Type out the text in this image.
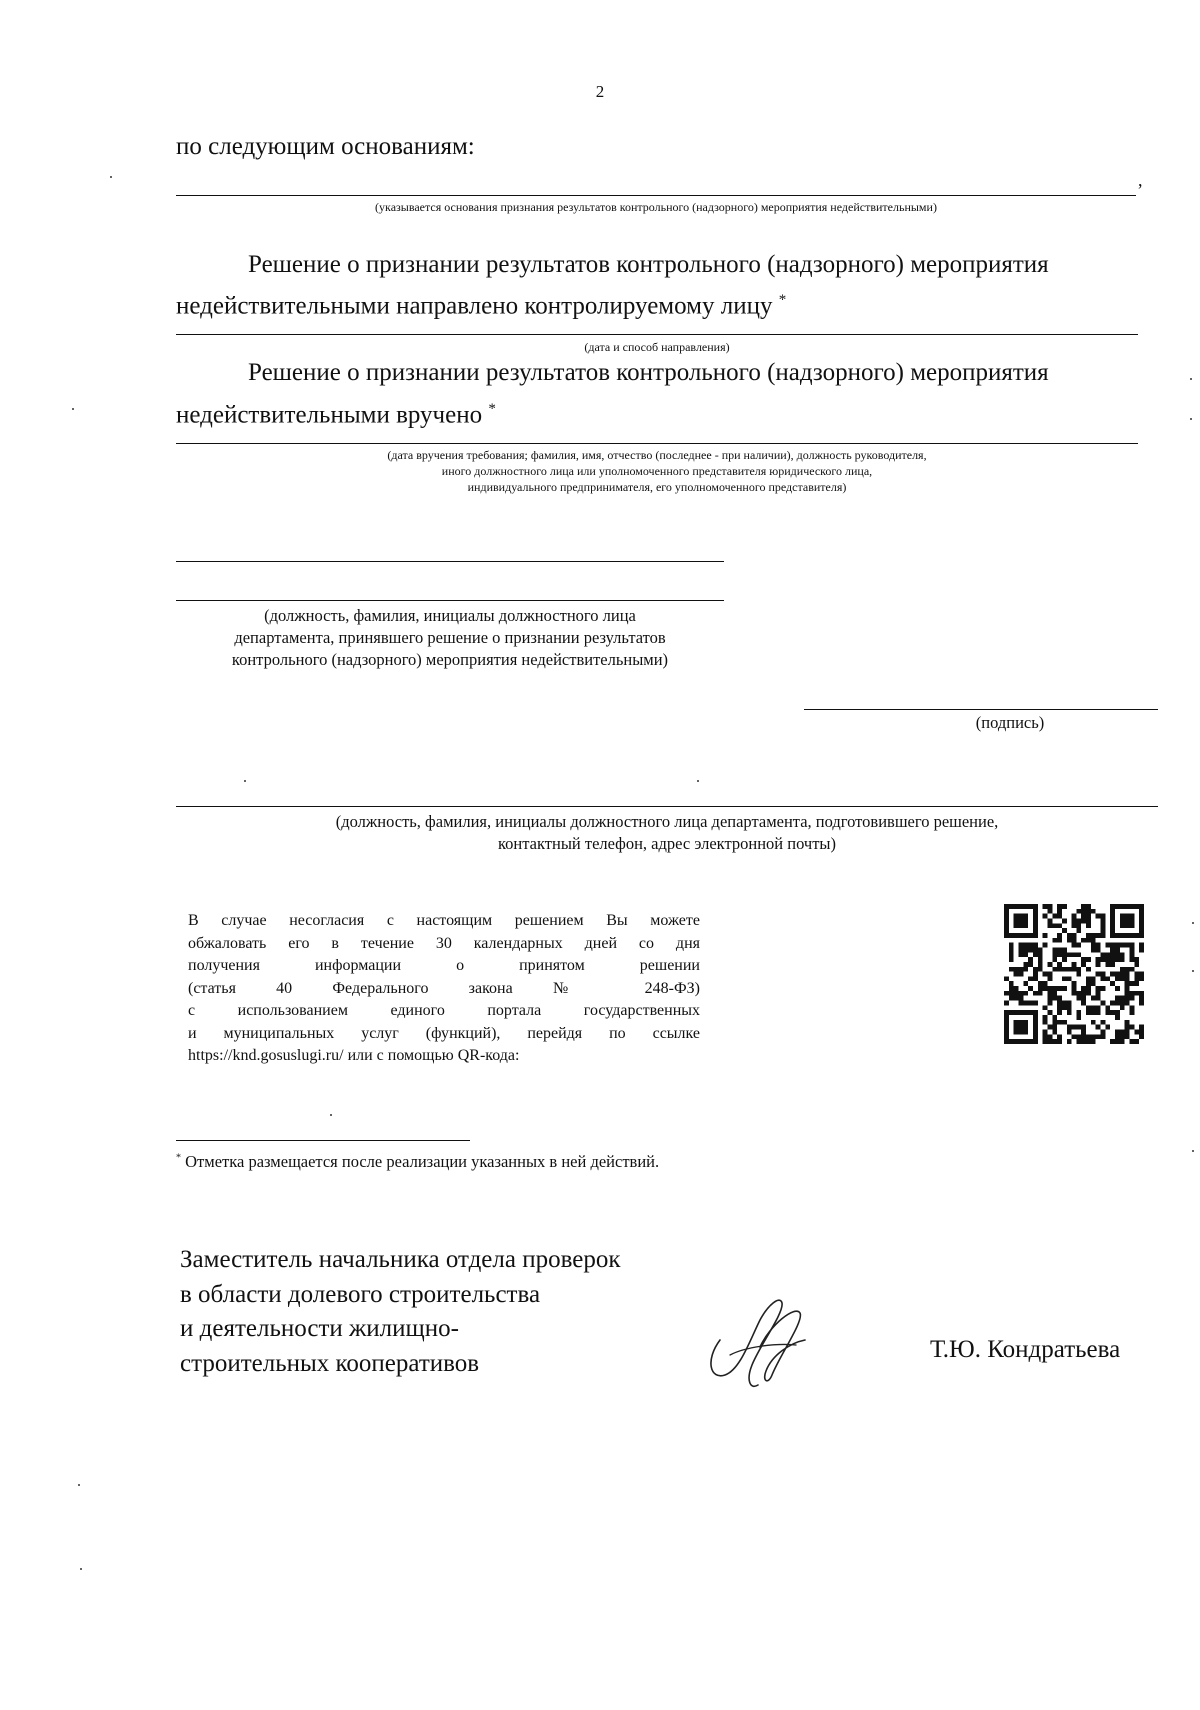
2
по следующим основаниям:
,
(указывается основания признания результатов контрольного (надзорного) мероприятия недействительными)
Решение о признании результатов контрольного (надзорного) мероприятия
недействительными направлено контролируемому лицу *
(дата и способ направления)
Решение о признании результатов контрольного (надзорного) мероприятия
недействительными вручено *
(дата вручения требования; фамилия, имя, отчество (последнее - при наличии), должность руководителя,
иного должностного лица или уполномоченного представителя юридического лица,
индивидуального предпринимателя, его уполномоченного представителя)
(должность, фамилия, инициалы должностного лица
департамента, принявшего решение о признании результатов
контрольного (надзорного) мероприятия недействительными)
(подпись)
(должность, фамилия, инициалы должностного лица департамента, подготовившего решение,
контактный телефон, адрес электронной почты)
В случае несогласия с настоящим решением Вы можете
обжаловать его в течение 30 календарных дней со дня
получения информации о принятом решении
(статья 40 Федерального закона № 248-ФЗ)
с использованием единого портала государственных
и муниципальных услуг (функций), перейдя по ссылке
https://knd.gosuslugi.ru/ или с помощью QR-кода:
* Отметка размещается после реализации указанных в ней действий.
Заместитель начальника отдела проверок
в области долевого строительства
и деятельности жилищно-
строительных кооперативов	Т.Ю. Кондратьева
